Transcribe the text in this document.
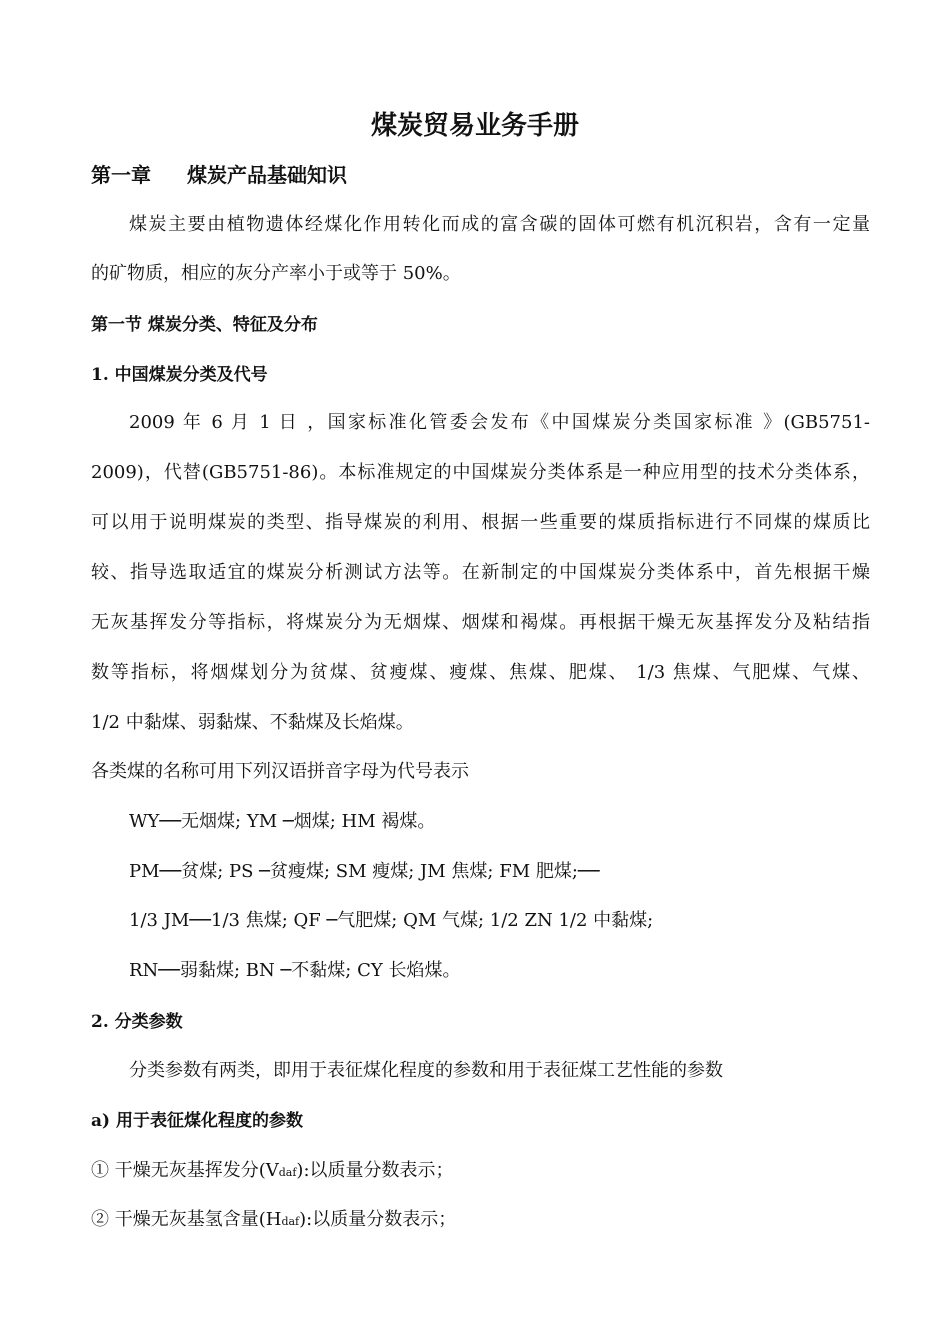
煤炭贸易业务手册
第一章 煤炭产品基础知识
煤炭主要由植物遗体经煤化作用转化而成的富含碳的固体可燃有机沉积岩，含有一定量
的矿物质，相应的灰分产率小于或等于 50%。
第一节 煤炭分类、特征及分布
1. 中国煤炭分类及代号
2009 年 6 月 1 日 ，国家标准化管委会发布《中国煤炭分类国家标准 》(GB5751-
2009)，代替(GB5751-86)。本标准规定的中国煤炭分类体系是一种应用型的技术分类体系，
可以用于说明煤炭的类型、指导煤炭的利用、根据一些重要的煤质指标进行不同煤的煤质比
较、指导选取适宜的煤炭分析测试方法等。在新制定的中国煤炭分类体系中，首先根据干燥
无灰基挥发分等指标，将煤炭分为无烟煤、烟煤和褐煤。再根据干燥无灰基挥发分及粘结指
数等指标，将烟煤划分为贫煤、贫瘦煤、瘦煤、焦煤、肥煤、 1/3 焦煤、气肥煤、气煤、
1/2 中黏煤、弱黏煤、不黏煤及长焰煤。
各类煤的名称可用下列汉语拼音字母为代号表示
WY──无烟煤; YM ─烟煤; HM 褐煤。
PM──贫煤; PS ─贫瘦煤; SM 瘦煤; JM 焦煤; FM 肥煤;──
1/3 JM──1/3 焦煤; QF ─气肥煤; QM 气煤; 1/2 ZN 1/2 中黏煤;
RN──弱黏煤; BN ─不黏煤; CY 长焰煤。
2. 分类参数
分类参数有两类，即用于表征煤化程度的参数和用于表征煤工艺性能的参数
a) 用于表征煤化程度的参数
① 干燥无灰基挥发分(Vdaf):以质量分数表示；
② 干燥无灰基氢含量(Hdaf):以质量分数表示；
